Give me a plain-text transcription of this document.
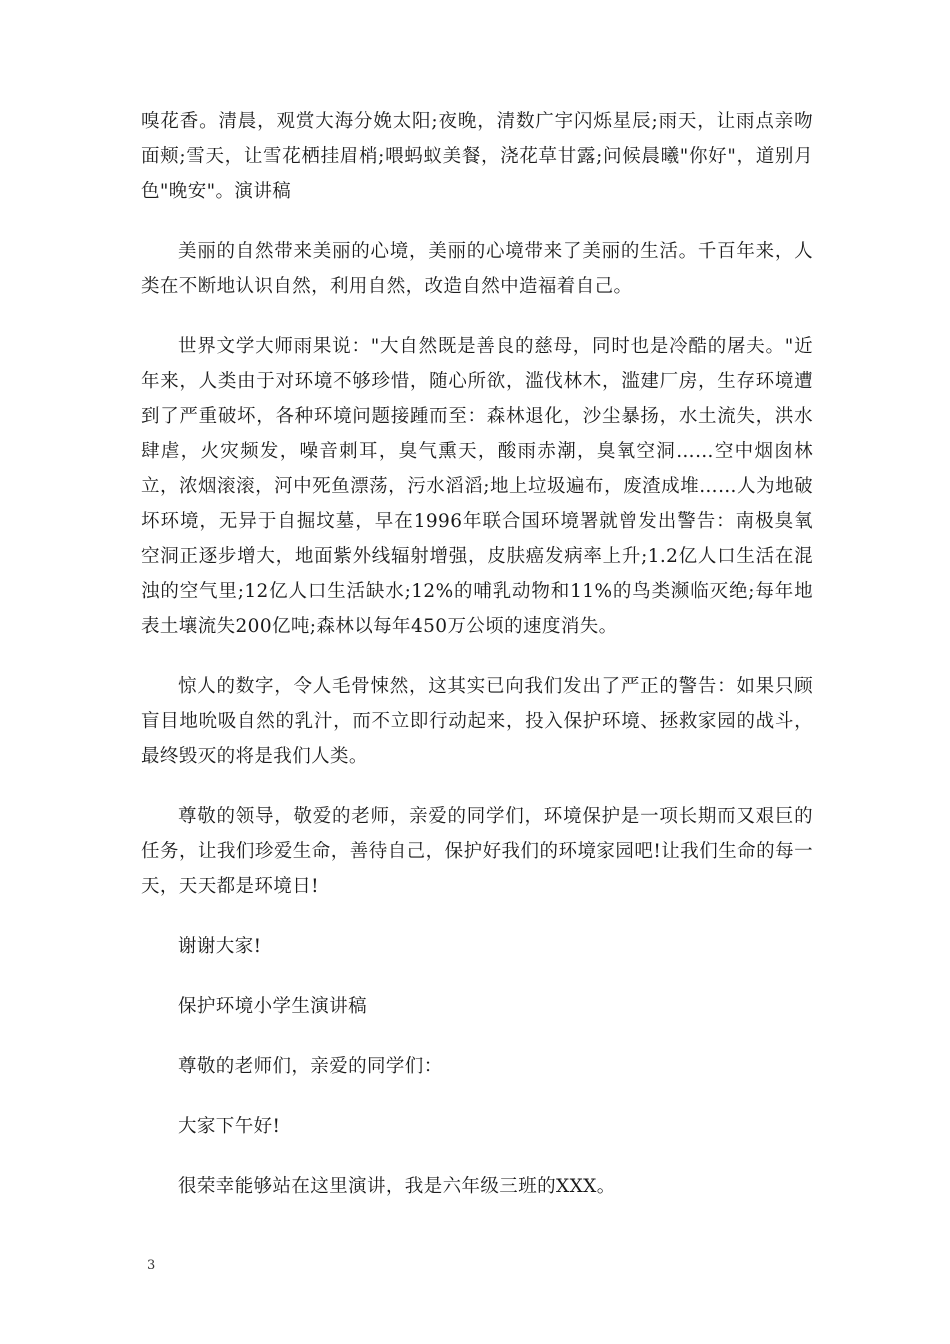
嗅花香。清晨，观赏大海分娩太阳;夜晚，清数广宇闪烁星辰;雨天，让雨点亲吻面颊;雪天，让雪花栖挂眉梢;喂蚂蚁美餐，浇花草甘露;问候晨曦"你好"，道别月色"晚安"。演讲稿

美丽的自然带来美丽的心境，美丽的心境带来了美丽的生活。千百年来，人类在不断地认识自然，利用自然，改造自然中造福着自己。

世界文学大师雨果说："大自然既是善良的慈母，同时也是冷酷的屠夫。"近年来，人类由于对环境不够珍惜，随心所欲，滥伐林木，滥建厂房，生存环境遭到了严重破坏，各种环境问题接踵而至：森林退化，沙尘暴扬，水土流失，洪水肆虐，火灾频发，噪音刺耳，臭气熏天，酸雨赤潮，臭氧空洞……空中烟囱林立，浓烟滚滚，河中死鱼漂荡，污水滔滔;地上垃圾遍布，废渣成堆……人为地破坏环境，无异于自掘坟墓，早在1996年联合国环境署就曾发出警告：南极臭氧空洞正逐步增大，地面紫外线辐射增强，皮肤癌发病率上升;1.2亿人口生活在混浊的空气里;12亿人口生活缺水;12%的哺乳动物和11%的鸟类濒临灭绝;每年地表土壤流失200亿吨;森林以每年450万公顷的速度消失。

惊人的数字，令人毛骨悚然，这其实已向我们发出了严正的警告：如果只顾盲目地吮吸自然的乳汁，而不立即行动起来，投入保护环境、拯救家园的战斗，最终毁灭的将是我们人类。

尊敬的领导，敬爱的老师，亲爱的同学们，环境保护是一项长期而又艰巨的任务，让我们珍爱生命，善待自己，保护好我们的环境家园吧!让我们生命的每一天，天天都是环境日!

谢谢大家!

保护环境小学生演讲稿

尊敬的老师们，亲爱的同学们：

大家下午好!

很荣幸能够站在这里演讲，我是六年级三班的XXX。

3
